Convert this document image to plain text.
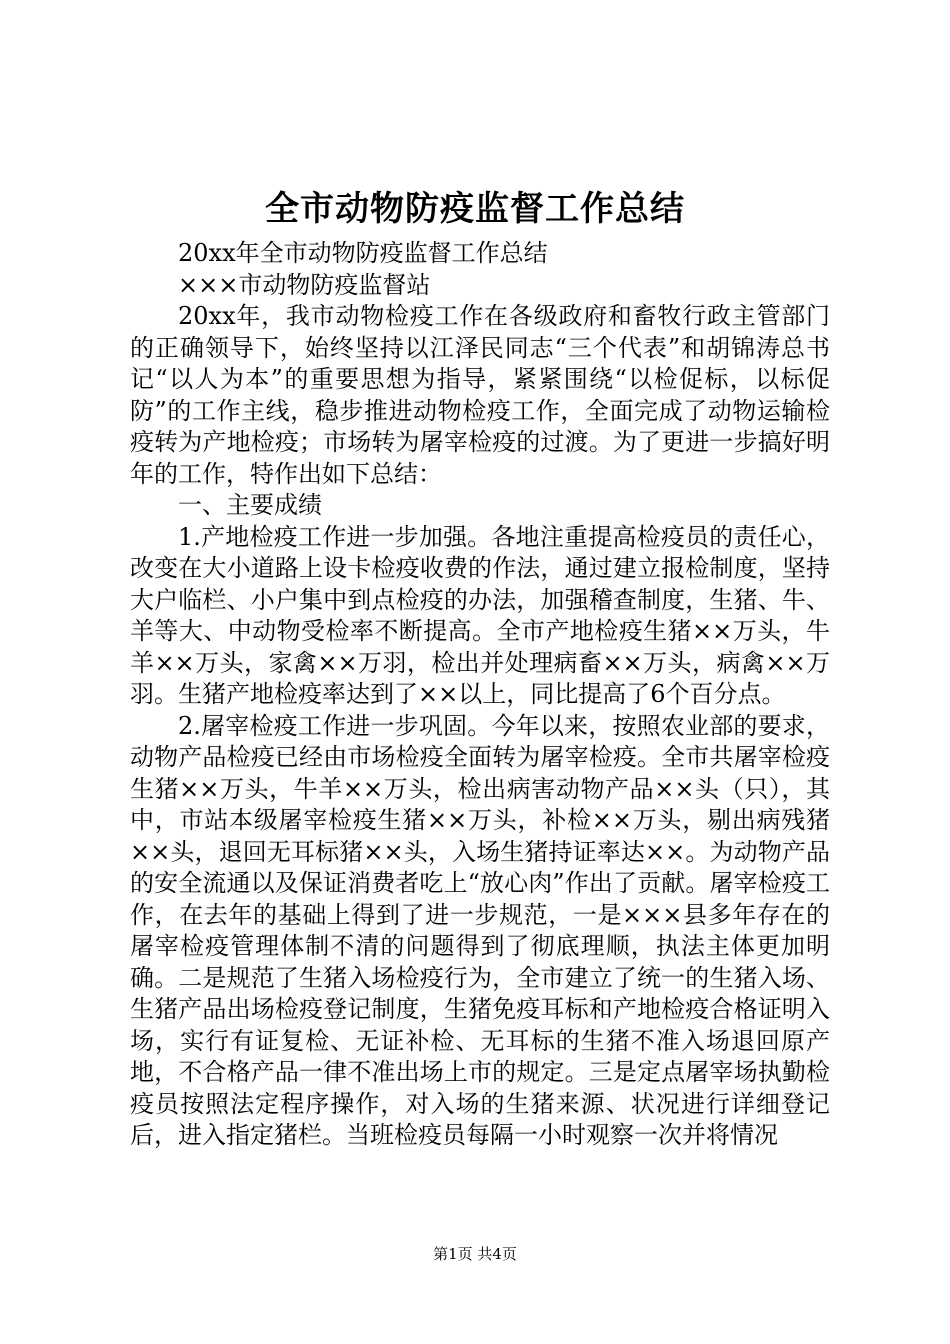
全市动物防疫监督工作总结

20xx年全市动物防疫监督工作总结

×××市动物防疫监督站

20xx年，我市动物检疫工作在各级政府和畜牧行政主管部门的正确领导下，始终坚持以江泽民同志“三个代表”和胡锦涛总书记“以人为本”的重要思想为指导，紧紧围绕“以检促标，以标促防”的工作主线，稳步推进动物检疫工作，全面完成了动物运输检疫转为产地检疫；市场转为屠宰检疫的过渡。为了更进一步搞好明年的工作，特作出如下总结：

一、主要成绩

1.产地检疫工作进一步加强。各地注重提高检疫员的责任心，改变在大小道路上设卡检疫收费的作法，通过建立报检制度，坚持大户临栏、小户集中到点检疫的办法，加强稽查制度，生猪、牛、羊等大、中动物受检率不断提高。全市产地检疫生猪××万头，牛羊××万头，家禽××万羽，检出并处理病畜××万头，病禽××万羽。生猪产地检疫率达到了××以上，同比提高了6个百分点。

2.屠宰检疫工作进一步巩固。今年以来，按照农业部的要求，动物产品检疫已经由市场检疫全面转为屠宰检疫。全市共屠宰检疫生猪××万头，牛羊××万头，检出病害动物产品××头（只），其中，市站本级屠宰检疫生猪××万头，补检××万头，剔出病残猪××头，退回无耳标猪××头，入场生猪持证率达××。为动物产品的安全流通以及保证消费者吃上“放心肉”作出了贡献。屠宰检疫工作，在去年的基础上得到了进一步规范，一是×××县多年存在的屠宰检疫管理体制不清的问题得到了彻底理顺，执法主体更加明确。二是规范了生猪入场检疫行为，全市建立了统一的生猪入场、生猪产品出场检疫登记制度，生猪免疫耳标和产地检疫合格证明入场，实行有证复检、无证补检、无耳标的生猪不准入场退回原产地，不合格产品一律不准出场上市的规定。三是定点屠宰场执勤检疫员按照法定程序操作，对入场的生猪来源、状况进行详细登记后，进入指定猪栏。当班检疫员每隔一小时观察一次并将情况

第1页 共4页
